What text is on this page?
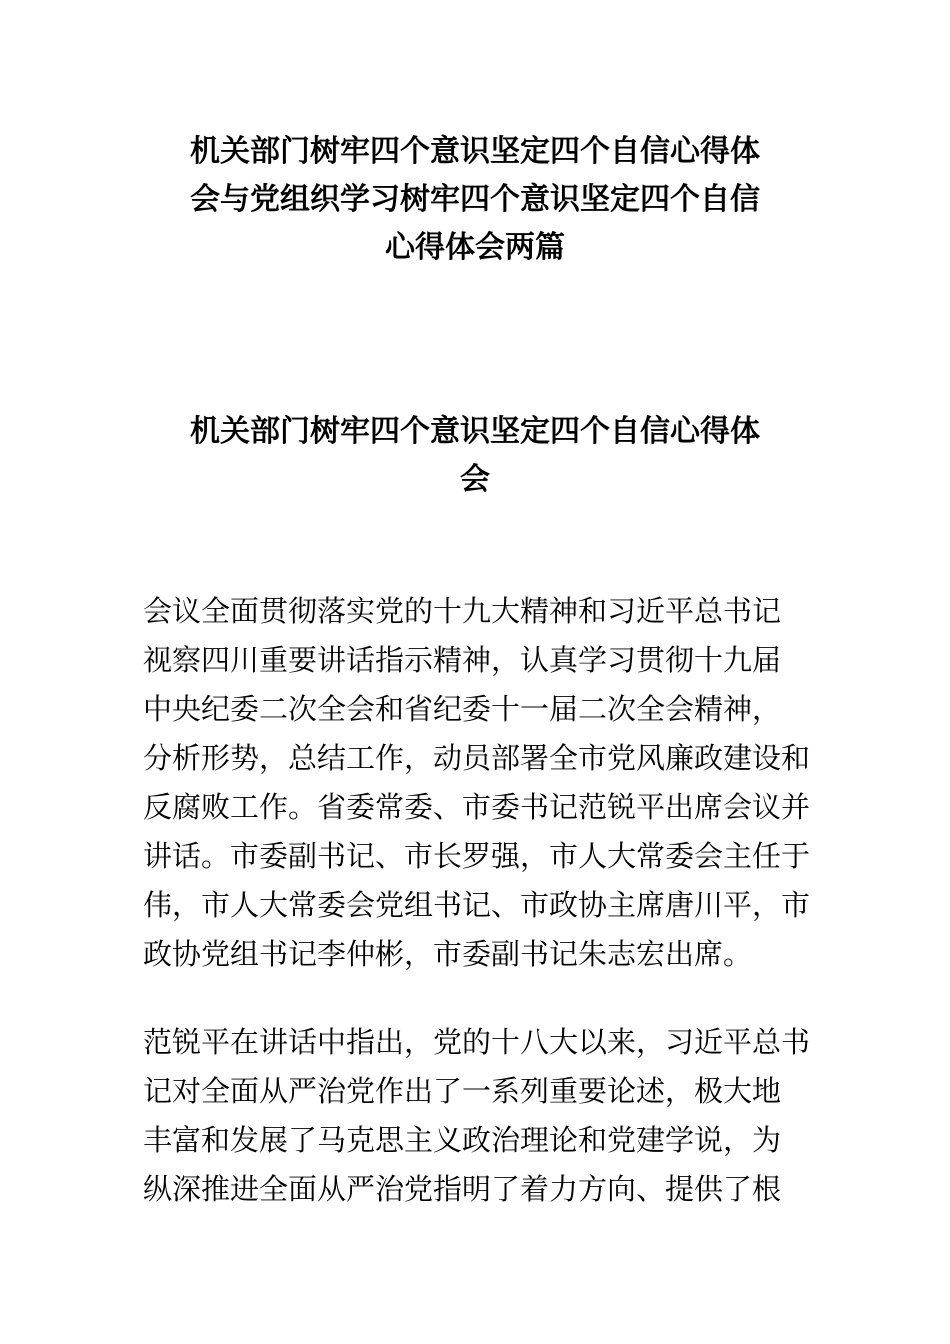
机关部门树牢四个意识坚定四个自信心得体
会与党组织学习树牢四个意识坚定四个自信
心得体会两篇
机关部门树牢四个意识坚定四个自信心得体
会
会议全面贯彻落实党的十九大精神和习近平总书记
视察四川重要讲话指示精神，认真学习贯彻十九届
中央纪委二次全会和省纪委十一届二次全会精神，
分析形势，总结工作，动员部署全市党风廉政建设和
反腐败工作。省委常委、市委书记范锐平出席会议并
讲话。市委副书记、市长罗强，市人大常委会主任于
伟，市人大常委会党组书记、市政协主席唐川平，市
政协党组书记李仲彬，市委副书记朱志宏出席。
范锐平在讲话中指出，党的十八大以来，习近平总书
记对全面从严治党作出了一系列重要论述，极大地
丰富和发展了马克思主义政治理论和党建学说，为
纵深推进全面从严治党指明了着力方向、提供了根
